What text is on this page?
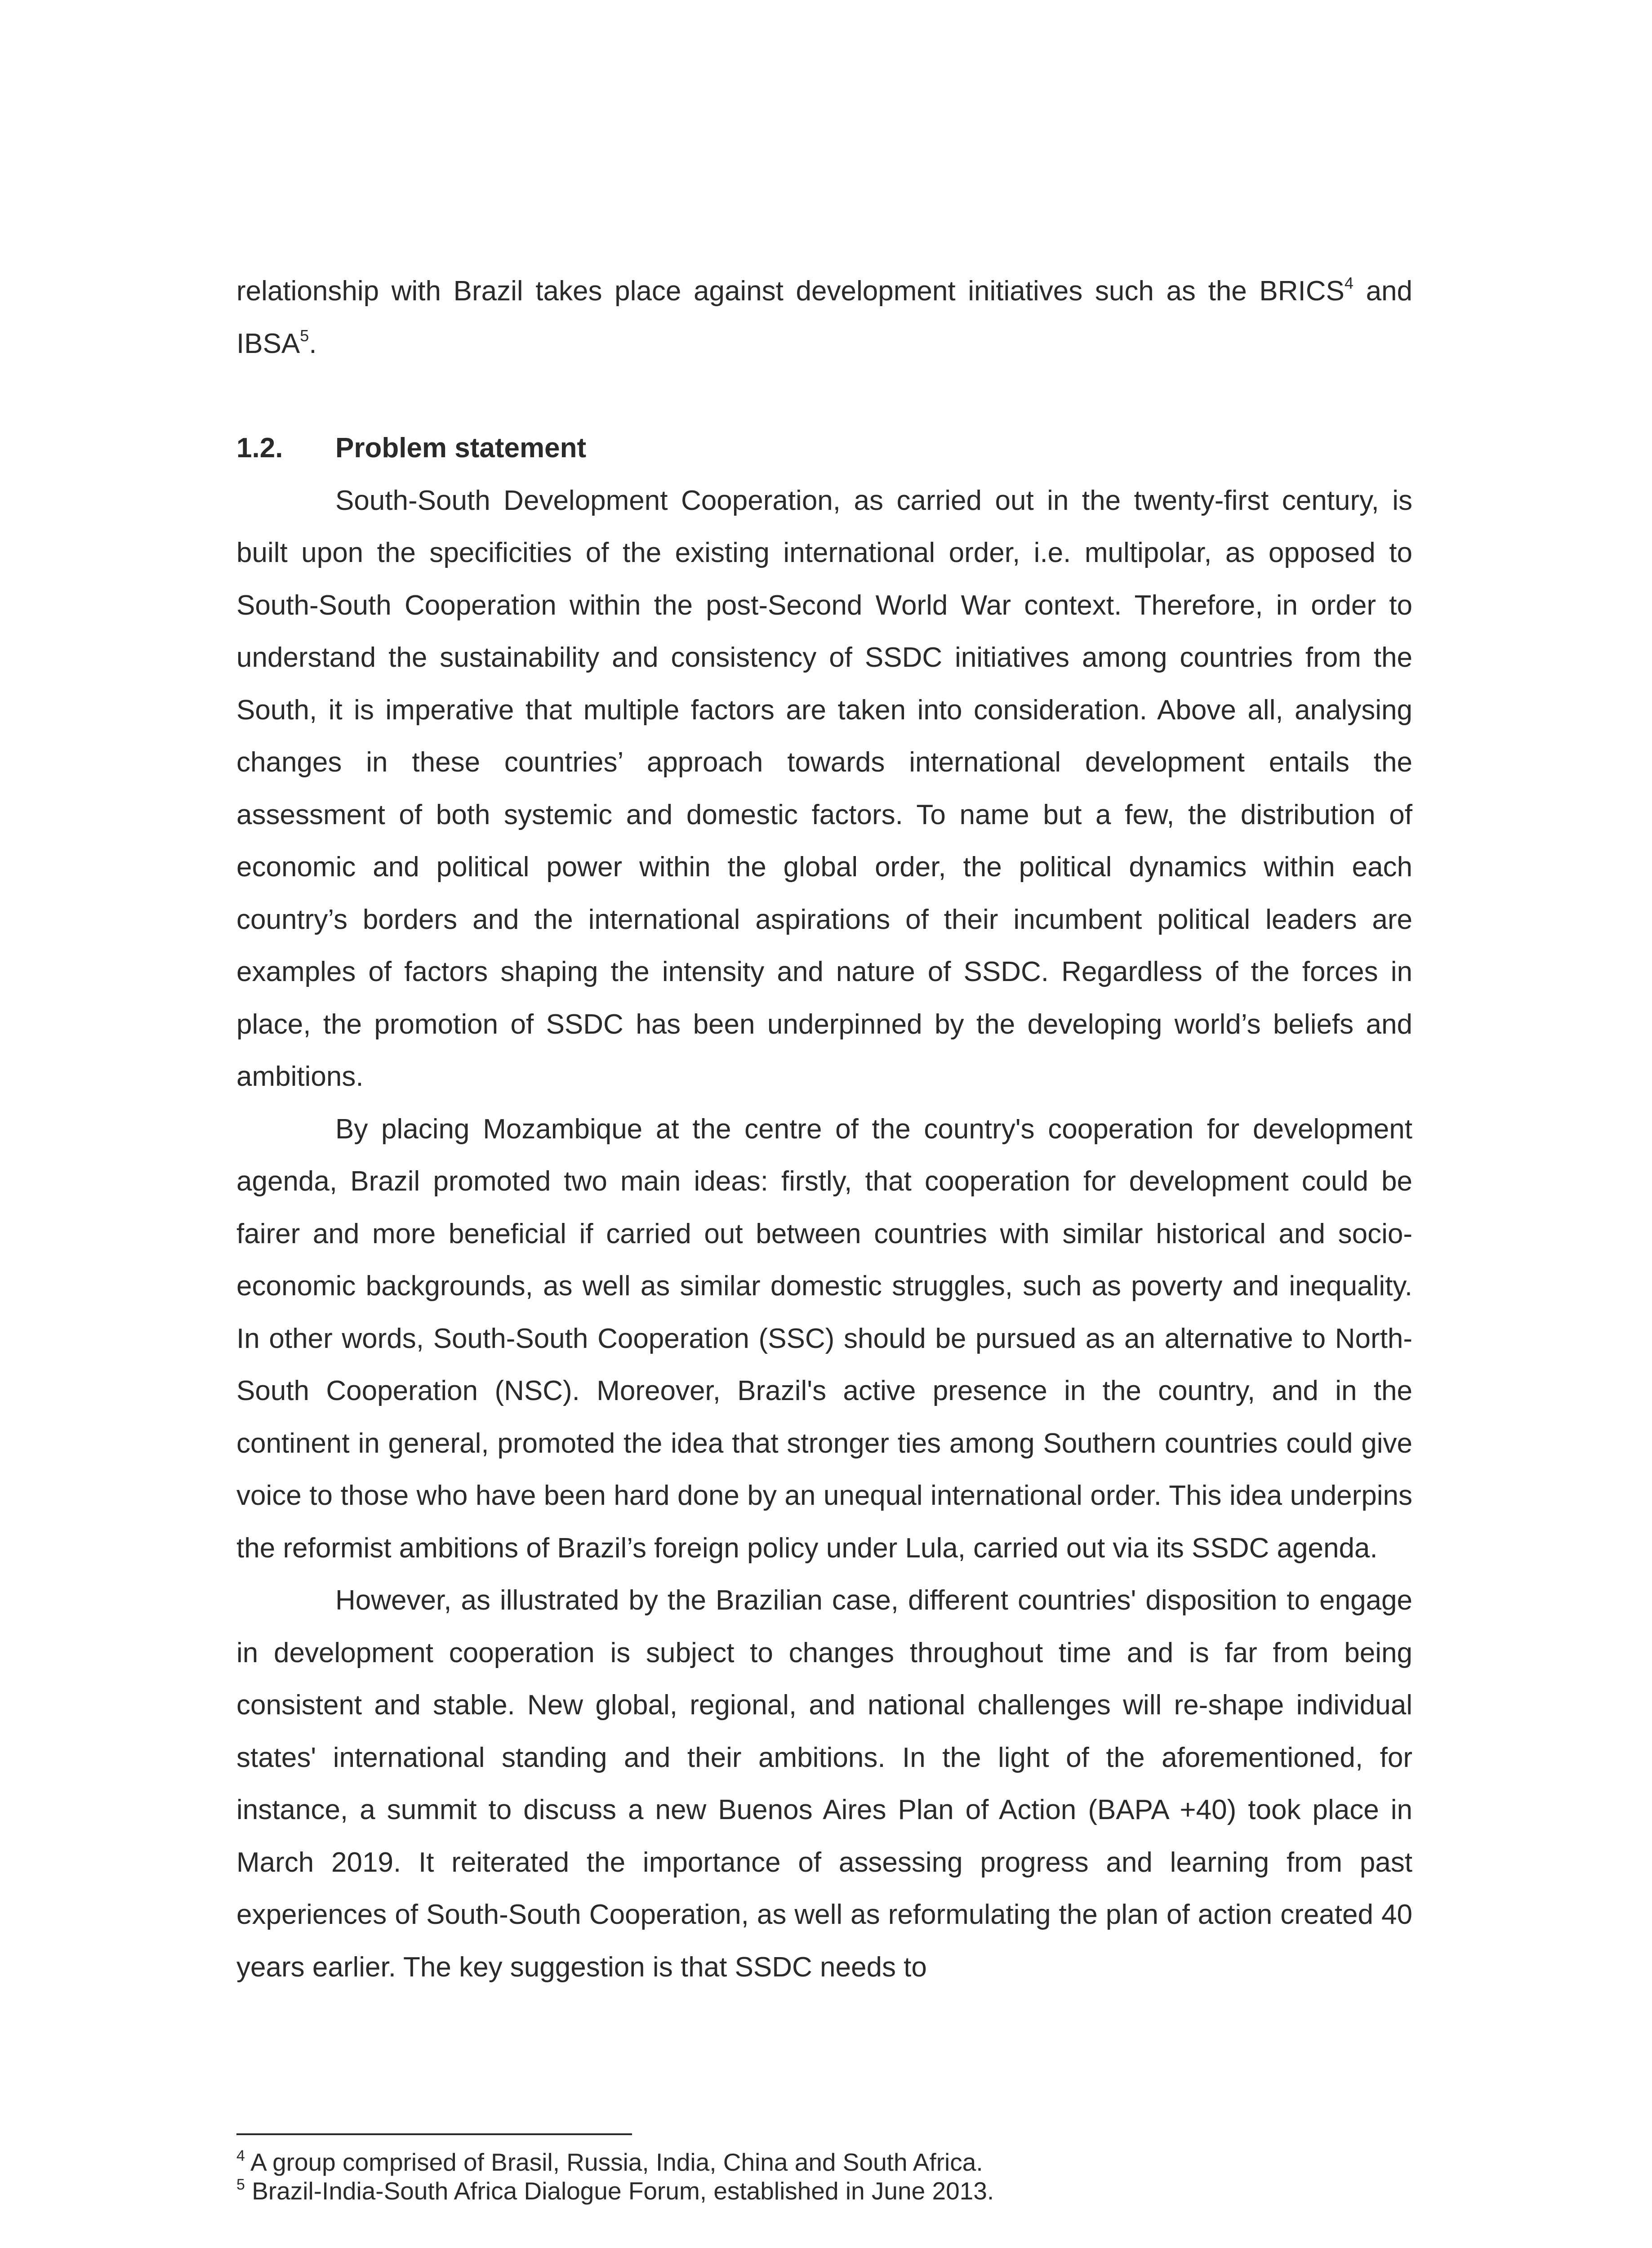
relationship with Brazil takes place against development initiatives such as the BRICS$^4$ and IBSA$^5$.

1.2. Problem statement

South-South Development Cooperation, as carried out in the twenty-first century, is built upon the specificities of the existing international order, i.e. multipolar, as opposed to South-South Cooperation within the post-Second World War context. Therefore, in order to understand the sustainability and consistency of SSDC initiatives among countries from the South, it is imperative that multiple factors are taken into consideration. Above all, analysing changes in these countries’ approach towards international development entails the assessment of both systemic and domestic factors. To name but a few, the distribution of economic and political power within the global order, the political dynamics within each country’s borders and the international aspirations of their incumbent political leaders are examples of factors shaping the intensity and nature of SSDC. Regardless of the forces in place, the promotion of SSDC has been underpinned by the developing world’s beliefs and ambitions.

By placing Mozambique at the centre of the country's cooperation for development agenda, Brazil promoted two main ideas: firstly, that cooperation for development could be fairer and more beneficial if carried out between countries with similar historical and socio-economic backgrounds, as well as similar domestic struggles, such as poverty and inequality. In other words, South-South Cooperation (SSC) should be pursued as an alternative to North-South Cooperation (NSC). Moreover, Brazil's active presence in the country, and in the continent in general, promoted the idea that stronger ties among Southern countries could give voice to those who have been hard done by an unequal international order. This idea underpins the reformist ambitions of Brazil’s foreign policy under Lula, carried out via its SSDC agenda.

However, as illustrated by the Brazilian case, different countries' disposition to engage in development cooperation is subject to changes throughout time and is far from being consistent and stable. New global, regional, and national challenges will re-shape individual states' international standing and their ambitions. In the light of the aforementioned, for instance, a summit to discuss a new Buenos Aires Plan of Action (BAPA +40) took place in March 2019. It reiterated the importance of assessing progress and learning from past experiences of South-South Cooperation, as well as reformulating the plan of action created 40 years earlier. The key suggestion is that SSDC needs to

$^4$ A group comprised of Brasil, Russia, India, China and South Africa.

$^5$ Brazil-India-South Africa Dialogue Forum, established in June 2013.
